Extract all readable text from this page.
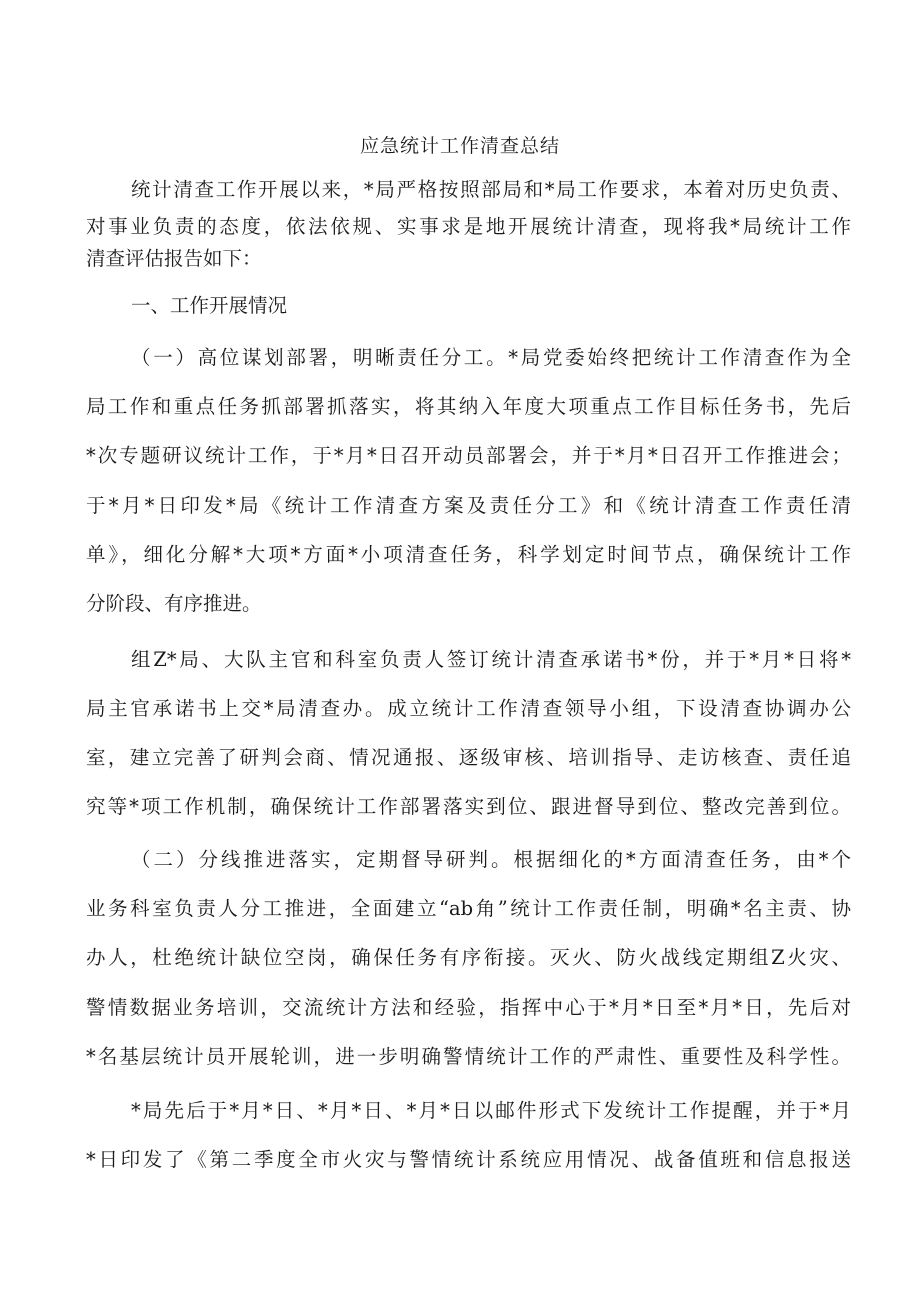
应急统计工作清查总结
统计清查工作开展以来，*局严格按照部局和*局工作要求，本着对历史负责、
对事业负责的态度，依法依规、实事求是地开展统计清查，现将我*局统计工作
清查评估报告如下：
一、工作开展情况
（一）高位谋划部署，明晰责任分工。*局党委始终把统计工作清查作为全
局工作和重点任务抓部署抓落实，将其纳入年度大项重点工作目标任务书，先后
*次专题研议统计工作，于*月*日召开动员部署会，并于*月*日召开工作推进会；
于*月*日印发*局《统计工作清查方案及责任分工》和《统计清查工作责任清
单》，细化分解*大项*方面*小项清查任务，科学划定时间节点，确保统计工作
分阶段、有序推进。
组Z*局、大队主官和科室负责人签订统计清查承诺书*份，并于*月*日将*
局主官承诺书上交*局清查办。成立统计工作清查领导小组，下设清查协调办公
室，建立完善了研判会商、情况通报、逐级审核、培训指导、走访核查、责任追
究等*项工作机制，确保统计工作部署落实到位、跟进督导到位、整改完善到位。
（二）分线推进落实，定期督导研判。根据细化的*方面清查任务，由*个
业务科室负责人分工推进，全面建立“ab角”统计工作责任制，明确*名主责、协
办人，杜绝统计缺位空岗，确保任务有序衔接。灭火、防火战线定期组Z火灾、
警情数据业务培训，交流统计方法和经验，指挥中心于*月*日至*月*日，先后对
*名基层统计员开展轮训，进一步明确警情统计工作的严肃性、重要性及科学性。
*局先后于*月*日、*月*日、*月*日以邮件形式下发统计工作提醒，并于*月
*日印发了《第二季度全市火灾与警情统计系统应用情况、战备值班和信息报送
